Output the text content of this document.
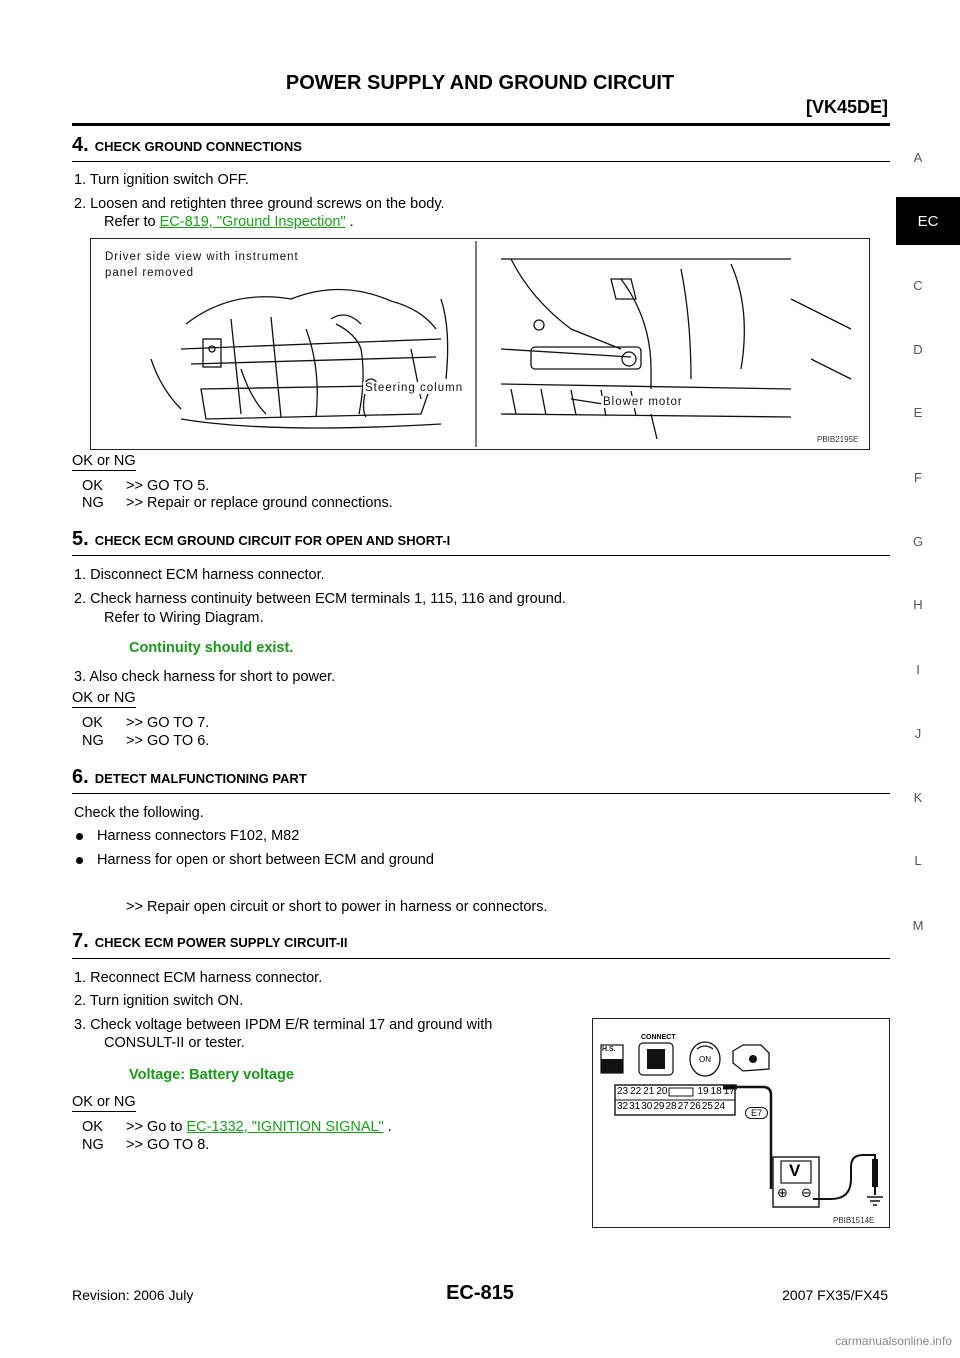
POWER SUPPLY AND GROUND CIRCUIT
[VK45DE]
A
EC
C
D
E
F
G
H
I
J
K
L
M
4. CHECK GROUND CONNECTIONS
1. Turn ignition switch OFF.
2. Loosen and retighten three ground screws on the body.
Refer to EC-819, "Ground Inspection" .
Driver side view with instrument
panel removed
Steering column
Blower motor
PBIB2195E
OK or NG
OK >> GO TO 5.
NG >> Repair or replace ground connections.
5. CHECK ECM GROUND CIRCUIT FOR OPEN AND SHORT-I
1. Disconnect ECM harness connector.
2. Check harness continuity between ECM terminals 1, 115, 116 and ground.
Refer to Wiring Diagram.
Continuity should exist.
3. Also check harness for short to power.
OK or NG
OK >> GO TO 7.
NG >> GO TO 6.
6. DETECT MALFUNCTIONING PART
Check the following.
Harness connectors F102, M82
Harness for open or short between ECM and ground
>> Repair open circuit or short to power in harness or connectors.
7. CHECK ECM POWER SUPPLY CIRCUIT-II
1. Reconnect ECM harness connector.
2. Turn ignition switch ON.
3. Check voltage between IPDM E/R terminal 17 and ground with
CONSULT-II or tester.
Voltage: Battery voltage
OK or NG
OK >> Go to EC-1332, "IGNITION SIGNAL" .
NG >> GO TO 8.
H.S.
CONNECT
ON
23 22 21 20	19 18 17
32 31 30 29 28 27 26 25 24
E7
V
⊕ ⊖
PBIB1514E
Revision: 2006 July	EC-815	2007 FX35/FX45
carmanualsonline.info
